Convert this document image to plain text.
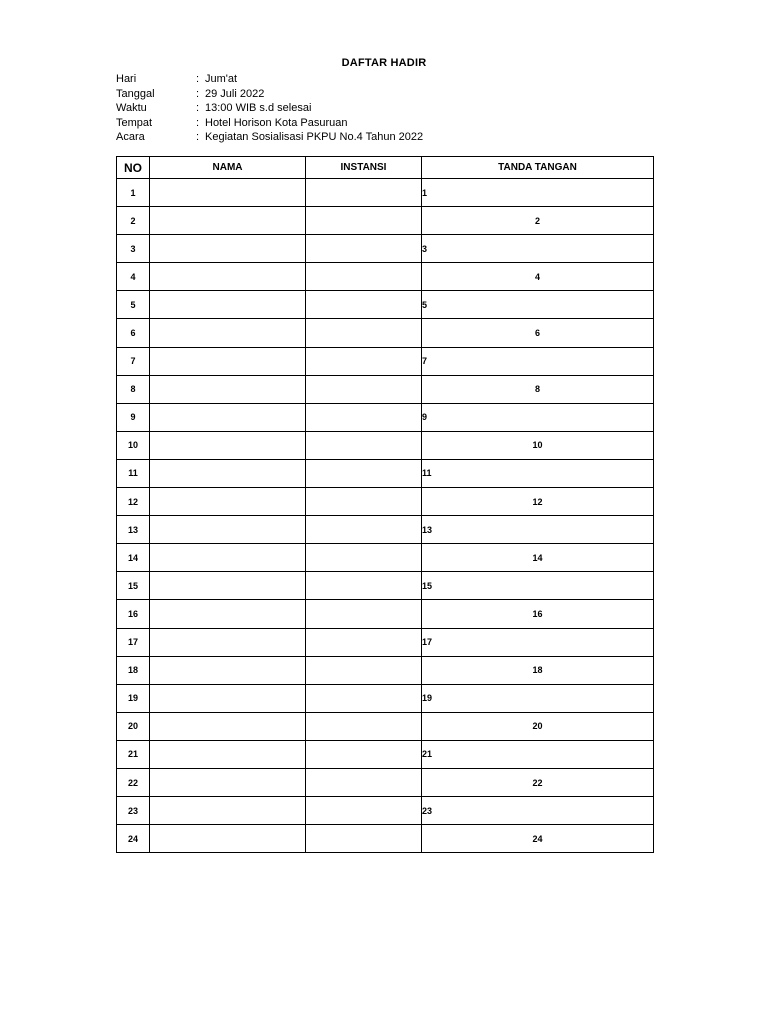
DAFTAR HADIR
Hari	: Jum'at
Tanggal	: 29 Juli 2022
Waktu	: 13:00 WIB s.d selesai
Tempat	: Hotel Horison Kota Pasuruan
Acara	: Kegiatan Sosialisasi PKPU No.4 Tahun 2022
NO	NAMA	INSTANSI	TANDA TANGAN
1			1
2			2
3			3
4			4
5			5
6			6
7			7
8			8
9			9
10			10
11			11
12			12
13			13
14			14
15			15
16			16
17			17
18			18
19			19
20			20
21			21
22			22
23			23
24			24
